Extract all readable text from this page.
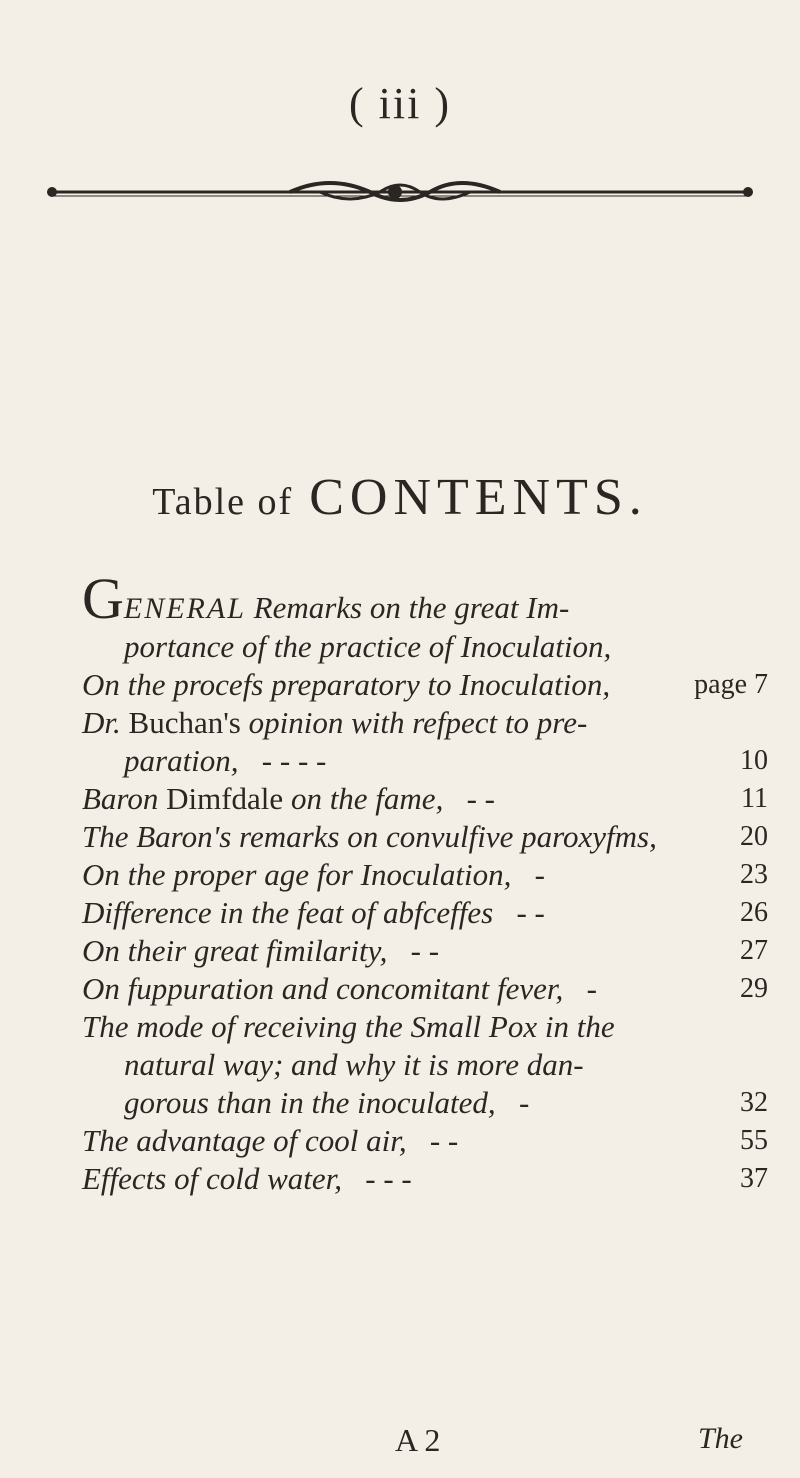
( iii )
Table of CONTENTS.
GENERAL Remarks on the great Im-
portance of the practice of Inoculation,
On the procefs preparatory to Inoculation,	page 7
Dr. Buchan's opinion with refpect to pre-
paration, - - - -	10
Baron Dimfdale on the fame, - -	11
The Baron's remarks on convulfive paroxyfms,	20
On the proper age for Inoculation, -	23
Difference in the feat of abfceffes - -	26
On their great fimilarity, - -	27
On fuppuration and concomitant fever, -	29
The mode of receiving the Small Pox in the
natural way; and why it is more dan-
gorous than in the inoculated, -	32
The advantage of cool air, - -	55
Effects of cold water, - - -	37
A 2	The
